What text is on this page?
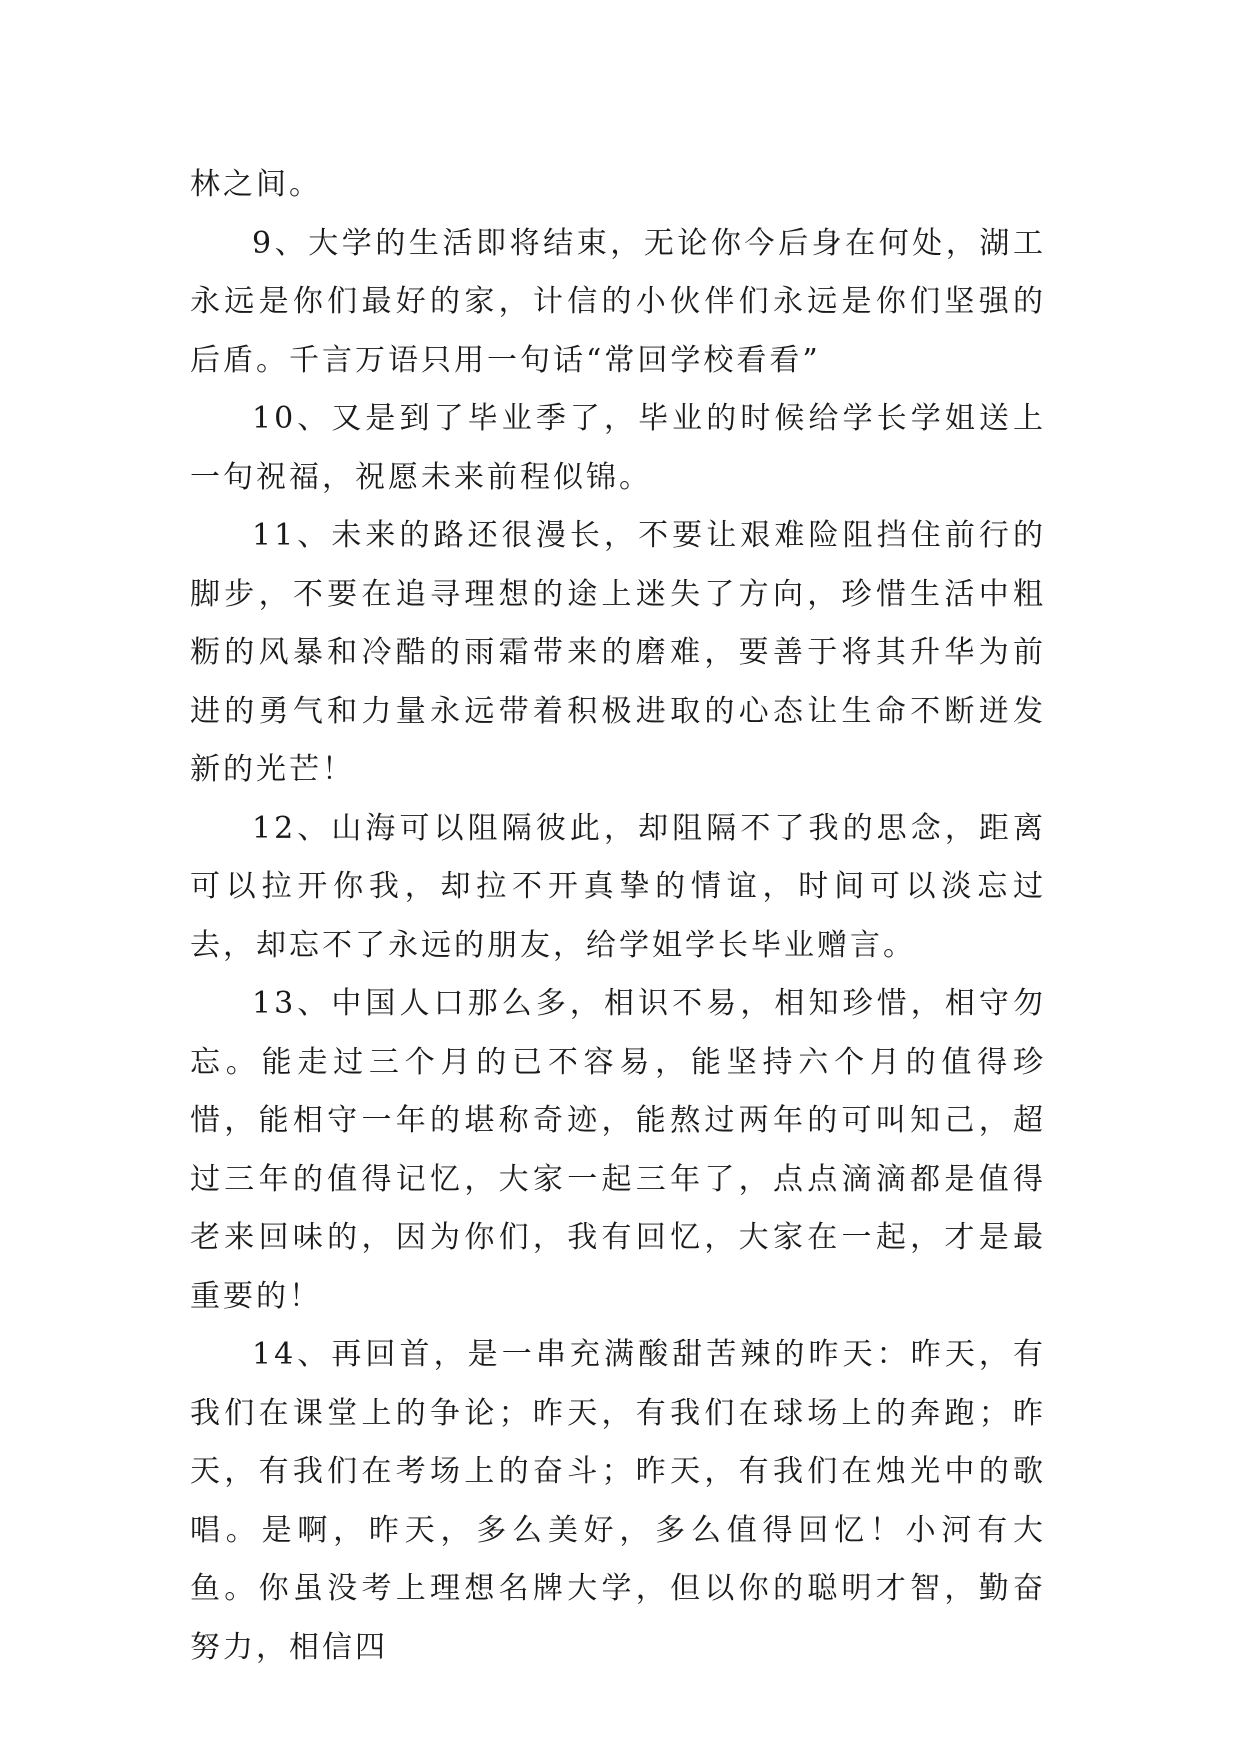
林之间。

9、大学的生活即将结束，无论你今后身在何处，湖工永远是你们最好的家，计信的小伙伴们永远是你们坚强的后盾。千言万语只用一句话“常回学校看看”

10、又是到了毕业季了，毕业的时候给学长学姐送上一句祝福，祝愿未来前程似锦。

11、未来的路还很漫长，不要让艰难险阻挡住前行的脚步，不要在追寻理想的途上迷失了方向，珍惜生活中粗粝的风暴和冷酷的雨霜带来的磨难，要善于将其升华为前进的勇气和力量永远带着积极进取的心态让生命不断迸发新的光芒！

12、山海可以阻隔彼此，却阻隔不了我的思念，距离可以拉开你我，却拉不开真挚的情谊，时间可以淡忘过去，却忘不了永远的朋友，给学姐学长毕业赠言。

13、中国人口那么多，相识不易，相知珍惜，相守勿忘。能走过三个月的已不容易，能坚持六个月的值得珍惜，能相守一年的堪称奇迹，能熬过两年的可叫知己，超过三年的值得记忆，大家一起三年了，点点滴滴都是值得老来回味的，因为你们，我有回忆，大家在一起，才是最重要的！

14、再回首，是一串充满酸甜苦辣的昨天：昨天，有我们在课堂上的争论；昨天，有我们在球场上的奔跑；昨天，有我们在考场上的奋斗；昨天，有我们在烛光中的歌唱。是啊，昨天，多么美好，多么值得回忆！小河有大鱼。你虽没考上理想名牌大学，但以你的聪明才智，勤奋努力，相信四
